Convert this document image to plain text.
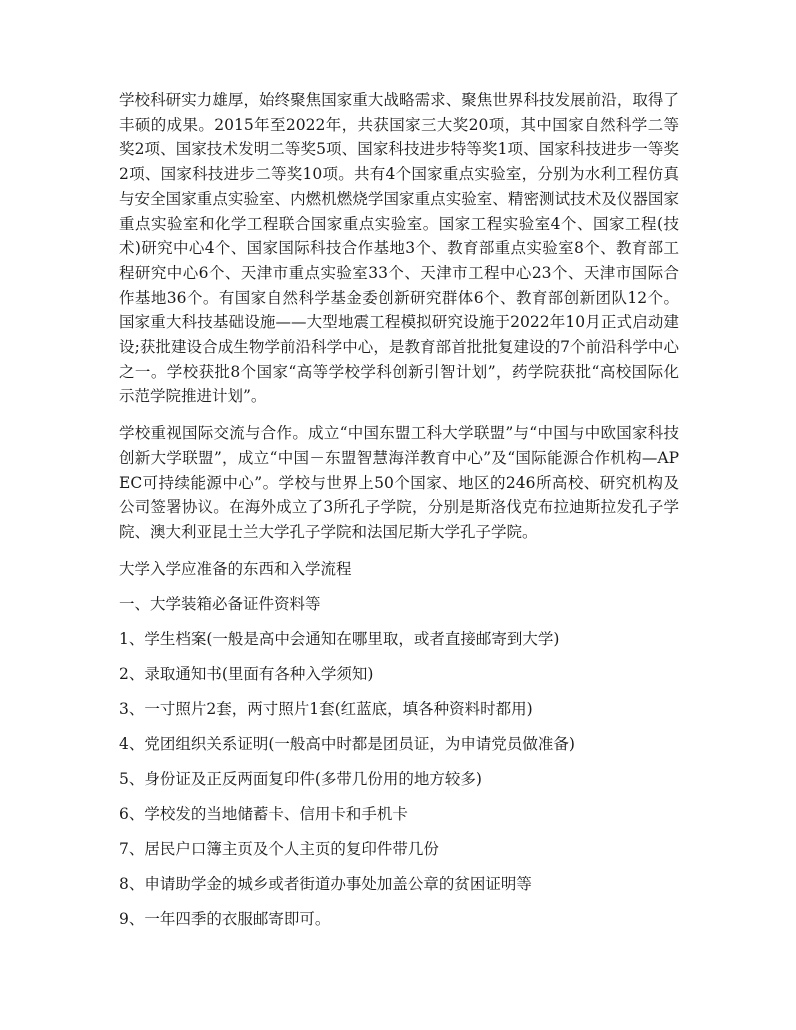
学校科研实力雄厚，始终聚焦国家重大战略需求、聚焦世界科技发展前沿，取得了丰硕的成果。2015年至2022年，共获国家三大奖20项，其中国家自然科学二等奖2项、国家技术发明二等奖5项、国家科技进步特等奖1项、国家科技进步一等奖2项、国家科技进步二等奖10项。共有4个国家重点实验室，分别为水利工程仿真与安全国家重点实验室、内燃机燃烧学国家重点实验室、精密测试技术及仪器国家重点实验室和化学工程联合国家重点实验室。国家工程实验室4个、国家工程(技术)研究中心4个、国家国际科技合作基地3个、教育部重点实验室8个、教育部工程研究中心6个、天津市重点实验室33个、天津市工程中心23个、天津市国际合作基地36个。有国家自然科学基金委创新研究群体6个、教育部创新团队12个。国家重大科技基础设施——大型地震工程模拟研究设施于2022年10月正式启动建设;获批建设合成生物学前沿科学中心，是教育部首批批复建设的7个前沿科学中心之一。学校获批8个国家“高等学校学科创新引智计划”，药学院获批“高校国际化示范学院推进计划”。

学校重视国际交流与合作。成立“中国东盟工科大学联盟”与“中国与中欧国家科技创新大学联盟”，成立“中国－东盟智慧海洋教育中心”及“国际能源合作机构—APEC可持续能源中心”。学校与世界上50个国家、地区的246所高校、研究机构及公司签署协议。在海外成立了3所孔子学院，分别是斯洛伐克布拉迪斯拉发孔子学院、澳大利亚昆士兰大学孔子学院和法国尼斯大学孔子学院。

大学入学应准备的东西和入学流程
一、大学装箱必备证件资料等
1、学生档案(一般是高中会通知在哪里取，或者直接邮寄到大学)
2、录取通知书(里面有各种入学须知)
3、一寸照片2套，两寸照片1套(红蓝底，填各种资料时都用)
4、党团组织关系证明(一般高中时都是团员证，为申请党员做准备)
5、身份证及正反两面复印件(多带几份用的地方较多)
6、学校发的当地储蓄卡、信用卡和手机卡
7、居民户口簿主页及个人主页的复印件带几份
8、申请助学金的城乡或者街道办事处加盖公章的贫困证明等
9、一年四季的衣服邮寄即可。
